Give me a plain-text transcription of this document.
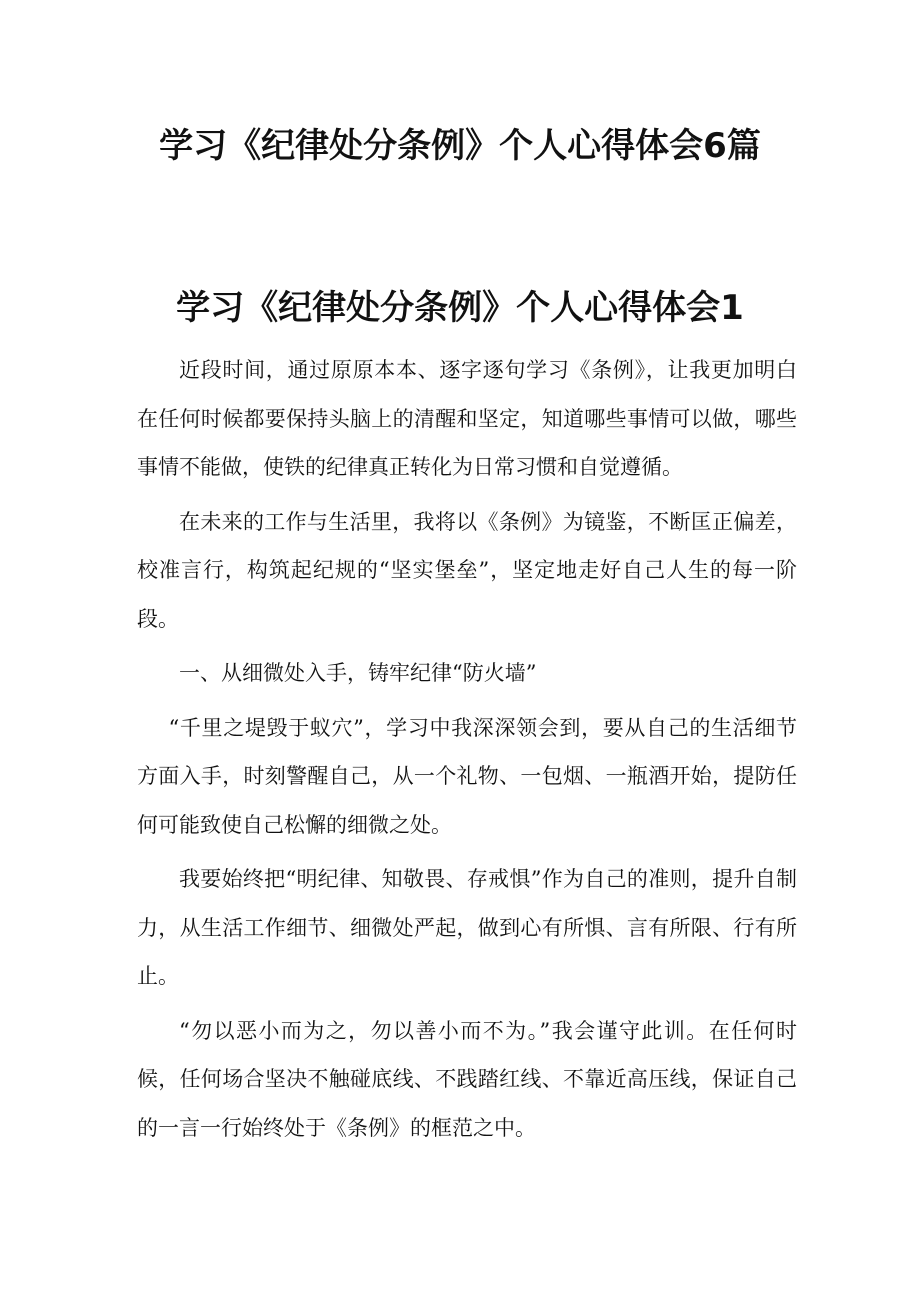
学习《纪律处分条例》个人心得体会6篇
学习《纪律处分条例》个人心得体会1

近段时间，通过原原本本、逐字逐句学习《条例》，让我更加明白在任何时候都要保持头脑上的清醒和坚定，知道哪些事情可以做，哪些事情不能做，使铁的纪律真正转化为日常习惯和自觉遵循。

在未来的工作与生活里，我将以《条例》为镜鉴，不断匡正偏差，校准言行，构筑起纪规的“坚实堡垒”，坚定地走好自己人生的每一阶段。

一、从细微处入手，铸牢纪律“防火墙”

“千里之堤毁于蚁穴”，学习中我深深领会到，要从自己的生活细节方面入手，时刻警醒自己，从一个礼物、一包烟、一瓶酒开始，提防任何可能致使自己松懈的细微之处。

我要始终把“明纪律、知敬畏、存戒惧”作为自己的准则，提升自制力，从生活工作细节、细微处严起，做到心有所惧、言有所限、行有所止。

“勿以恶小而为之，勿以善小而不为。”我会谨守此训。在任何时候，任何场合坚决不触碰底线、不践踏红线、不靠近高压线，保证自己的一言一行始终处于《条例》的框范之中。
